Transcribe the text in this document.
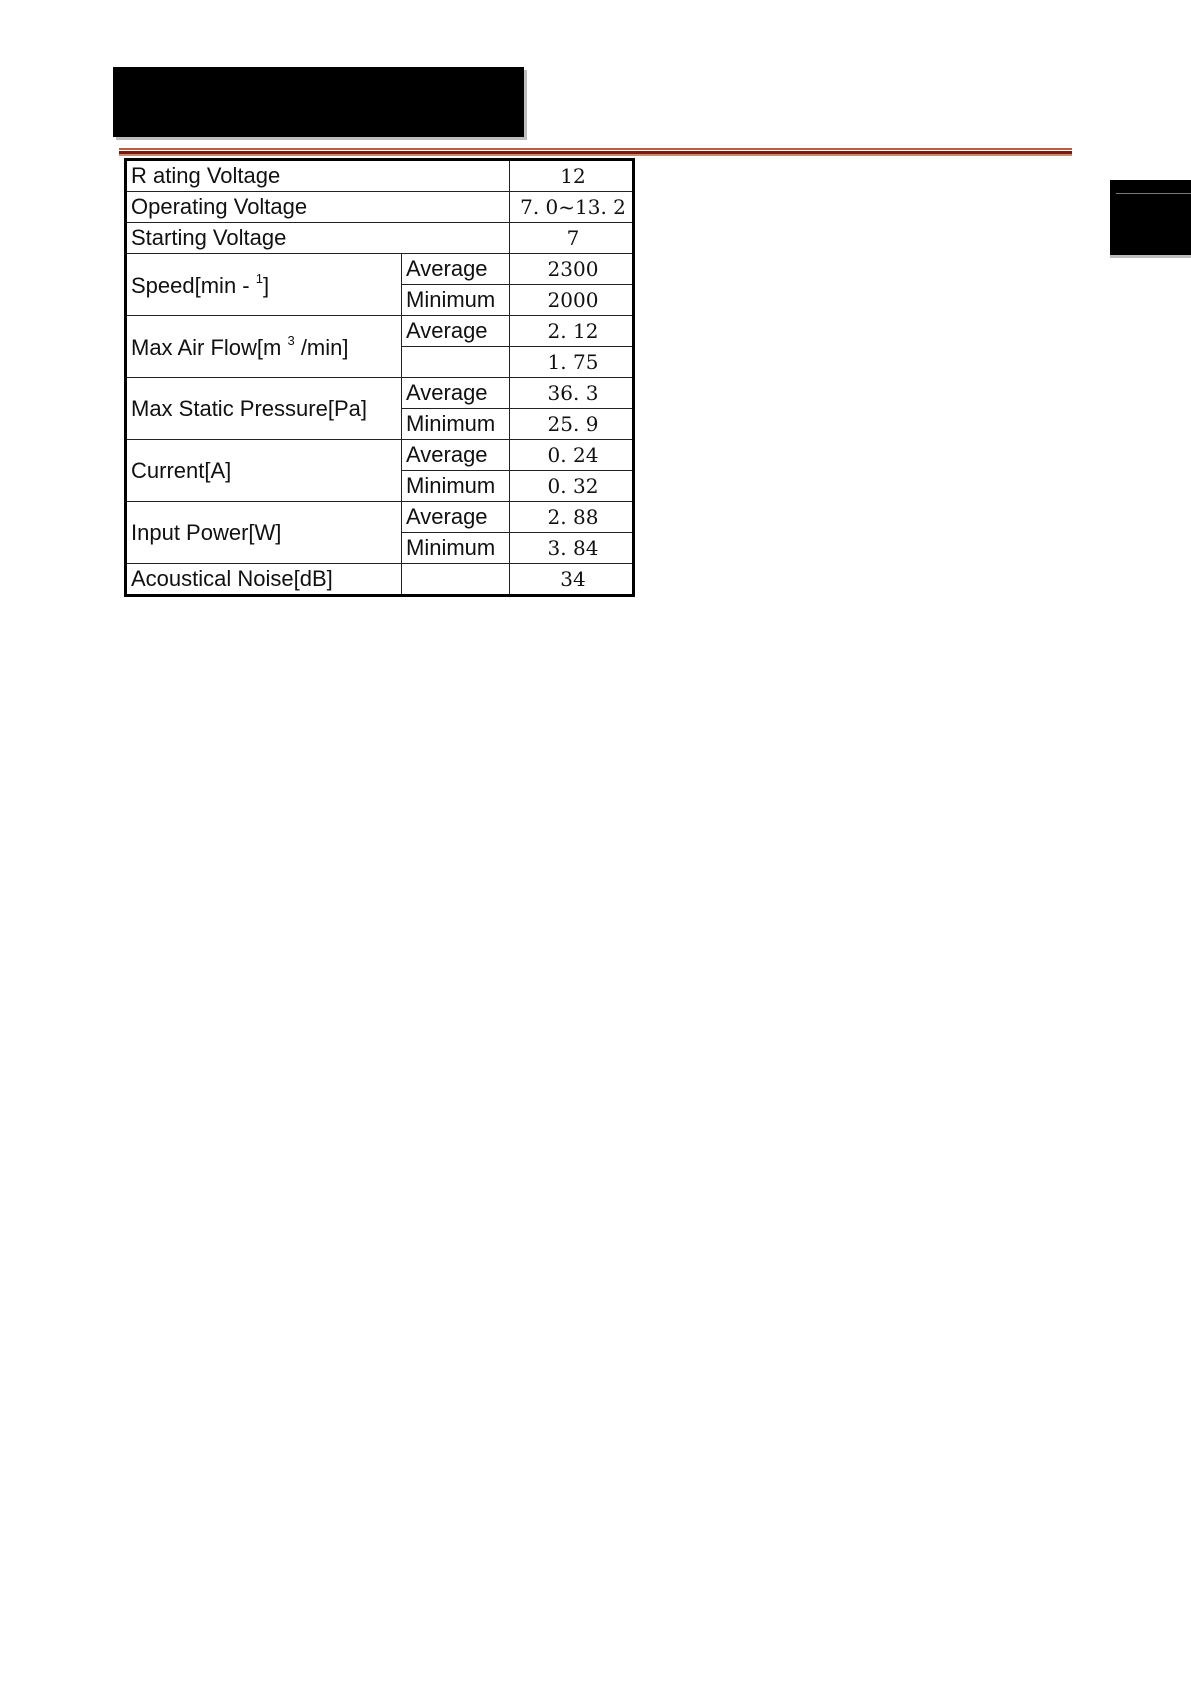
R ating Voltage		12
Operating Voltage		7. 0~13. 2
Starting Voltage		7
Speed[min - $^1$]	Average	2300
	Minimum	2000
Max Air Flow[m $^3$ /min]	Average	2. 12
		1. 75
Max Static Pressure[Pa]	Average	36. 3
	Minimum	25. 9
Current[A]	Average	0. 24
	Minimum	0. 32
Input Power[W]	Average	2. 88
	Minimum	3. 84
Acoustical Noise[dB]		34
